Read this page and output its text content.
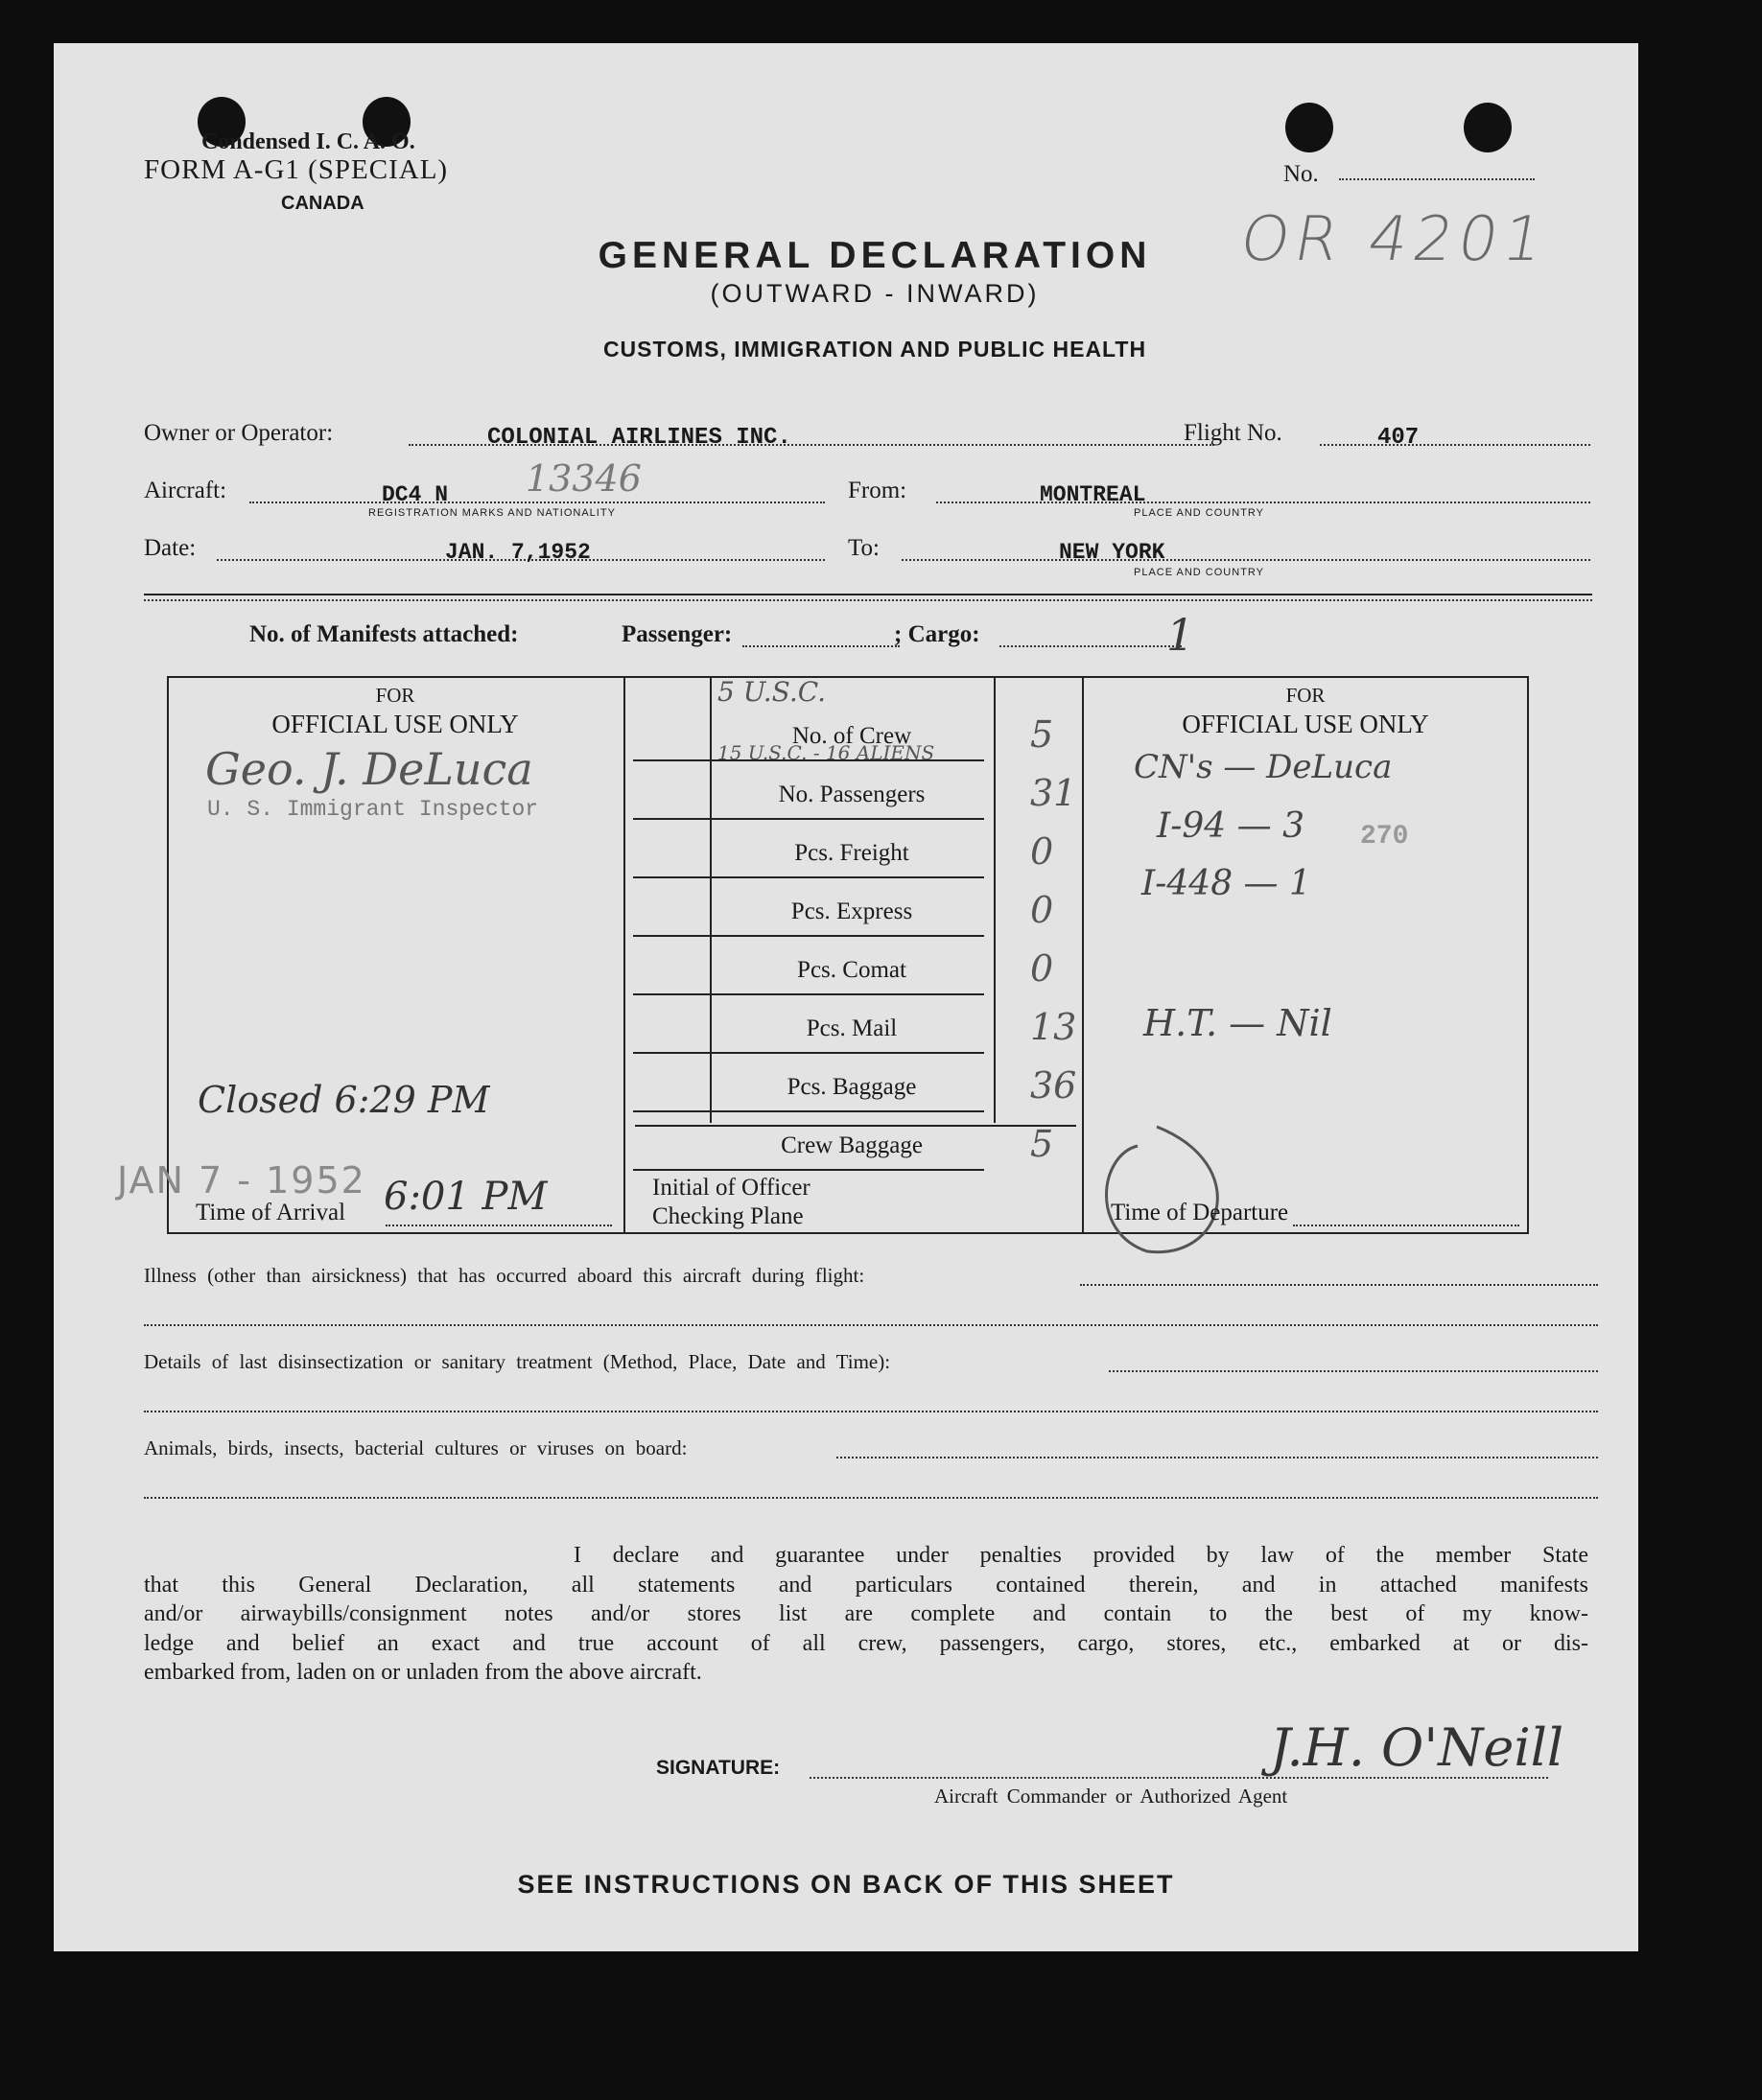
Condensed I. C. A. O.
FORM A-G1 (SPECIAL)
CANADA
No.
OR 4201
GENERAL DECLARATION
(OUTWARD - INWARD)
CUSTOMS, IMMIGRATION AND PUBLIC HEALTH
Owner or Operator:	COLONIAL AIRLINES INC.	Flight No.	407
Aircraft:	DC4 N 13346
REGISTRATION MARKS AND NATIONALITY
From:	MONTREAL
PLACE AND COUNTRY
Date:	JAN. 7,1952	To:	NEW YORK
PLACE AND COUNTRY
No. of Manifests attached:	Passenger:	; Cargo:	1
FOR
OFFICIAL USE ONLY
Geo. J. DeLuca
U. S. Immigrant Inspector
Closed 6:29 PM
JAN 7 - 1952
Time of Arrival 6:01 PM
5 U.S.C.
15 U.S.C. - 16 ALIENS
Initial of Officer
Checking Plane
FOR
OFFICIAL USE ONLY
CN's — DeLuca
I-94 — 3 270
I-448 — 1
H.T. — Nil
Time of Departure
Illness (other than airsickness) that has occurred aboard this aircraft during flight:
Details of last disinsectization or sanitary treatment (Method, Place, Date and Time):
Animals, birds, insects, bacterial cultures or viruses on board:
I declare and guarantee under penalties provided by law of the member State
that this General Declaration, all statements and particulars contained therein, and in attached manifests
and/or airwaybills/consignment notes and/or stores list are complete and contain to the best of my know-
ledge and belief an exact and true account of all crew, passengers, cargo, stores, etc., embarked at or dis-
embarked from, laden on or unladen from the above aircraft.
SIGNATURE:	J.H. O'Neill
Aircraft Commander or Authorized Agent
SEE INSTRUCTIONS ON BACK OF THIS SHEET
No. of Crew	5
No. Passengers	31
Pcs. Freight	0
Pcs. Express	0
Pcs. Comat	0
Pcs. Mail	13
Pcs. Baggage	36
Crew Baggage	5
